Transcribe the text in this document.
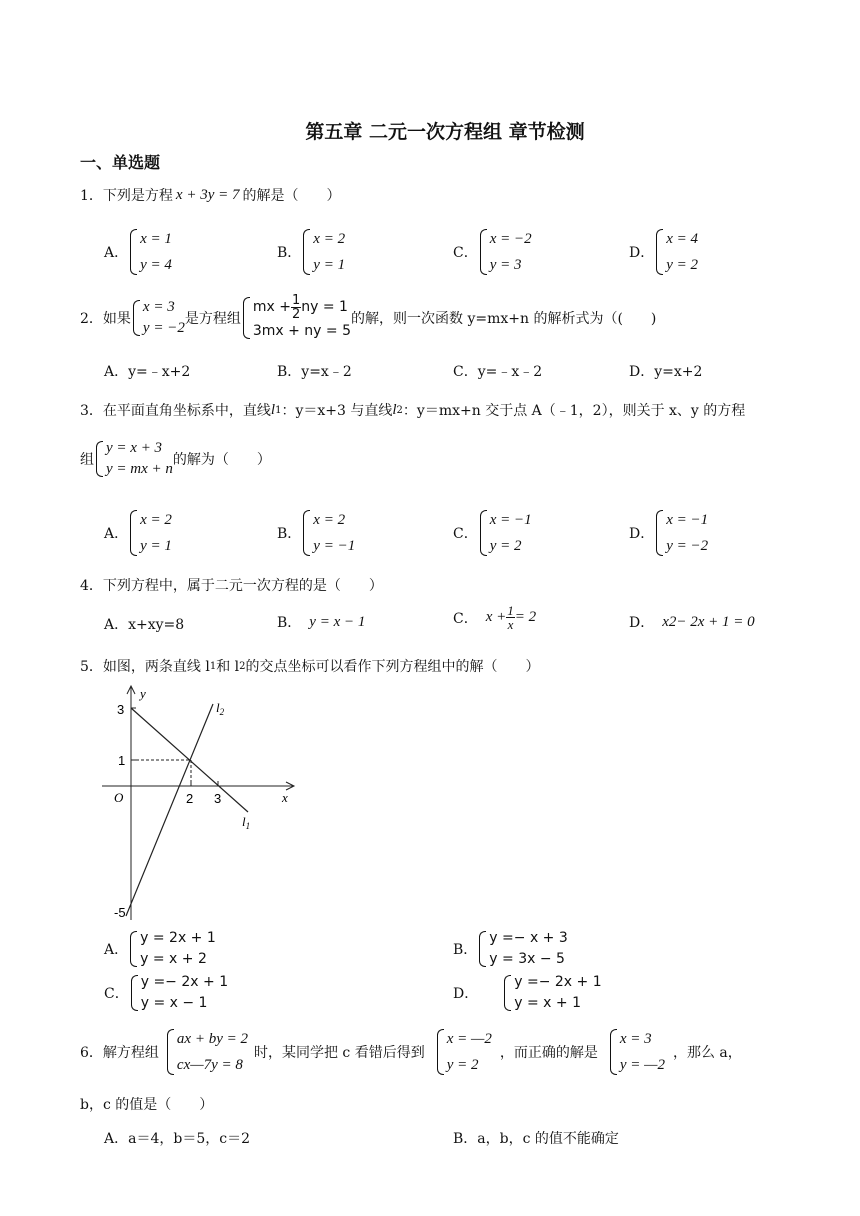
第五章 二元一次方程组 章节检测
一、单选题
1． 下列是方程 x + 3y = 7 的解是（　　）
A．
x = 1
y = 4
B．
x = 2
y = 1
C．
x = −2
y = 3
D．
x = 4
y = 2
2． 如果
x = 3
y = −2
是方程组
mx + $\frac{1}{2}$ ny = 1
3mx + ny = 5
的解，则一次函数 y=mx+n 的解析式为（(　　)
A．y=﹣x+2	B．y=x﹣2	C．y=﹣x﹣2	D．y=x+2
3．在平面直角坐标系中，直线 l 1 ：y＝x+3 与直线 l 2 ：y＝mx+n 交于点 A（﹣1，2），则关于 x、y 的方程
组
y = x + 3
y = mx + n
的解为（　　）
A．
x = 2
y = 1
B．
x = 2
y = −1
C．
x = −1
y = 2
D．
x = −1
y = −2
4．下列方程中，属于二元一次方程的是（　　）
A．x+xy=8	B． y = x − 1	C． $x + \frac{1}{x} = 2$	D． x 2 − 2x + 1 = 0
5．如图，两条直线 l 1 和 l 2 的交点坐标可以看作下列方程组中的解（　　）
y
x
O
3
1
-5
2 3
$l_1$
$l_2$
A．
y = 2x + 1
y = x + 2
B．
y =− x + 3
y = 3x − 5
C．
y =− 2x + 1
y = x − 1
D．
y =− 2x + 1
y = x + 1
6．解方程组
ax + by = 2
cx—7y = 8
时，某同学把 c 看错后得到
x = —2
y = 2
，而正确的解是
x = 3
y = —2
，那么 a，
b，c 的值是（　　）
A．a＝4，b＝5，c＝2	B．a，b，c 的值不能确定
